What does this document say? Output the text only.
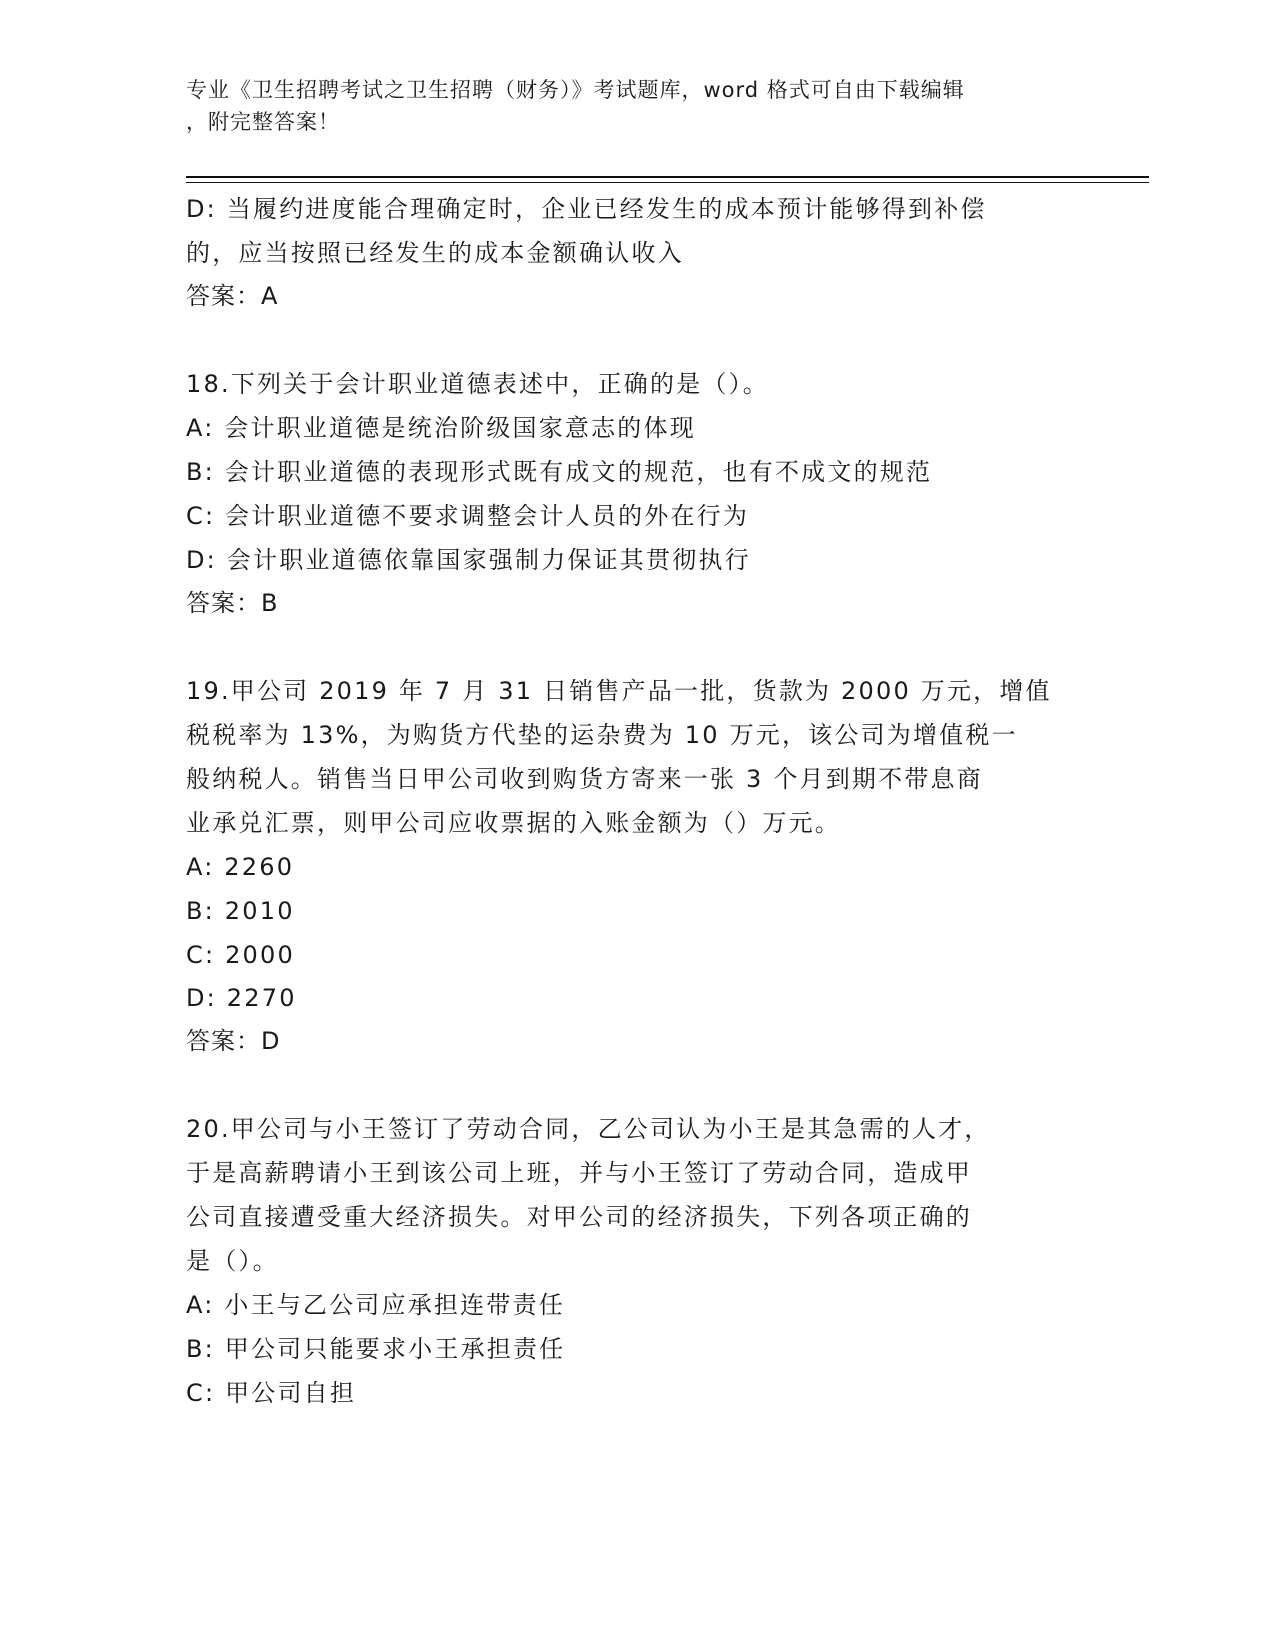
专业《卫生招聘考试之卫生招聘（财务）》考试题库，word 格式可自由下载编辑
，附完整答案！
D: 当履约进度能合理确定时，企业已经发生的成本预计能够得到补偿
的，应当按照已经发生的成本金额确认收入
答案：A
18.下列关于会计职业道德表述中，正确的是（）。
A: 会计职业道德是统治阶级国家意志的体现
B: 会计职业道德的表现形式既有成文的规范，也有不成文的规范
C: 会计职业道德不要求调整会计人员的外在行为
D: 会计职业道德依靠国家强制力保证其贯彻执行
答案：B
19.甲公司 2019 年 7 月 31 日销售产品一批，货款为 2000 万元，增值
税税率为 13%，为购货方代垫的运杂费为 10 万元，该公司为增值税一
般纳税人。销售当日甲公司收到购货方寄来一张 3 个月到期不带息商
业承兑汇票，则甲公司应收票据的入账金额为（）万元。
A: 2260
B: 2010
C: 2000
D: 2270
答案：D
20.甲公司与小王签订了劳动合同，乙公司认为小王是其急需的人才，
于是高薪聘请小王到该公司上班，并与小王签订了劳动合同，造成甲
公司直接遭受重大经济损失。对甲公司的经济损失，下列各项正确的
是（）。
A: 小王与乙公司应承担连带责任
B: 甲公司只能要求小王承担责任
C: 甲公司自担
